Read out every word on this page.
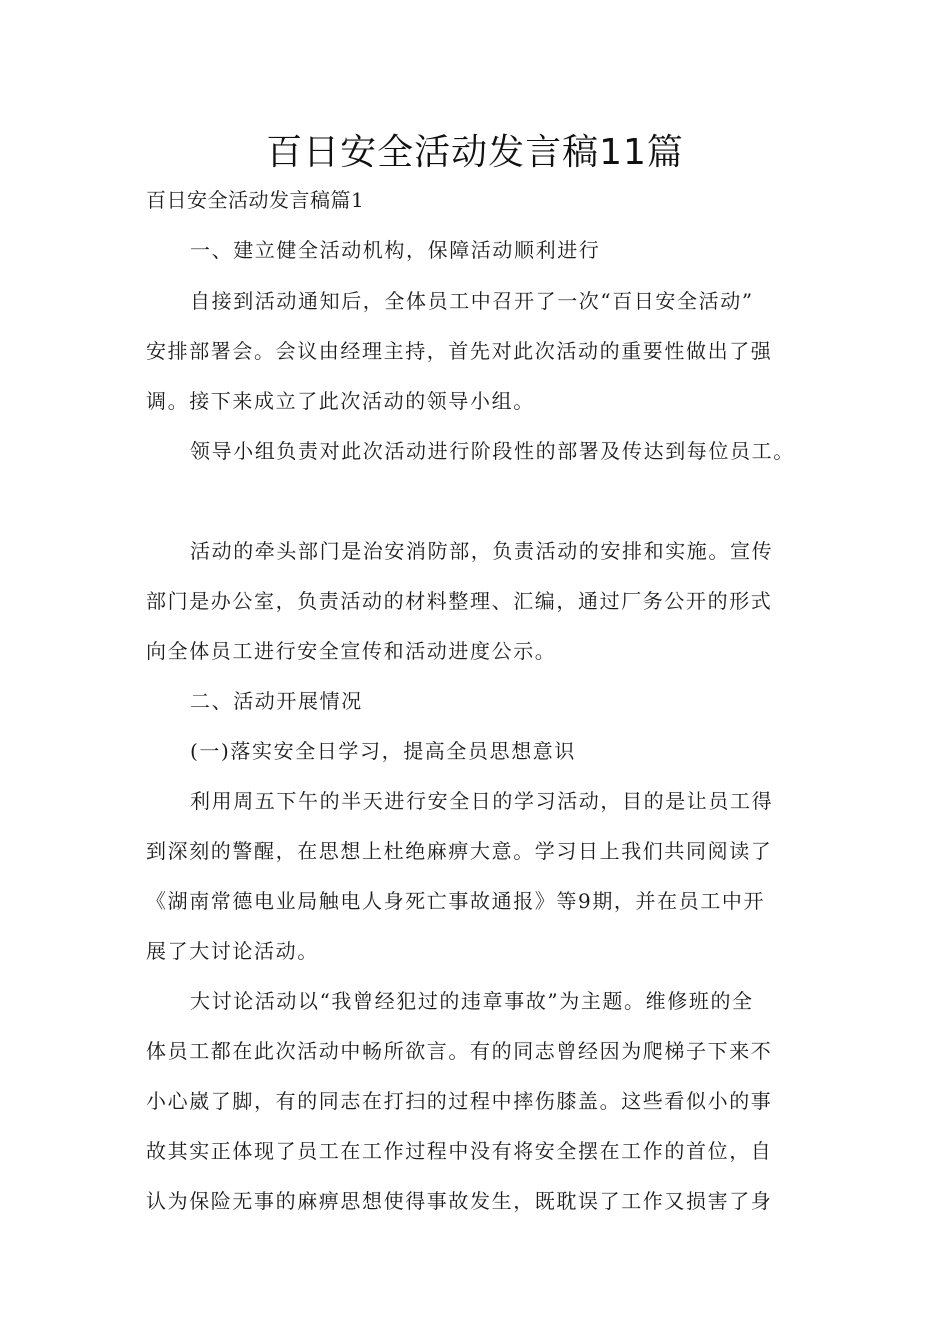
百日安全活动发言稿11篇
百日安全活动发言稿篇1
一、建立健全活动机构，保障活动顺利进行
自接到活动通知后，全体员工中召开了一次“百日安全活动”
安排部署会。会议由经理主持，首先对此次活动的重要性做出了强
调。接下来成立了此次活动的领导小组。
领导小组负责对此次活动进行阶段性的部署及传达到每位员工。
活动的牵头部门是治安消防部，负责活动的安排和实施。宣传
部门是办公室，负责活动的材料整理、汇编，通过厂务公开的形式
向全体员工进行安全宣传和活动进度公示。
二、活动开展情况
(一)落实安全日学习，提高全员思想意识
利用周五下午的半天进行安全日的学习活动，目的是让员工得
到深刻的警醒，在思想上杜绝麻痹大意。学习日上我们共同阅读了
《湖南常德电业局触电人身死亡事故通报》等9期，并在员工中开
展了大讨论活动。
大讨论活动以“我曾经犯过的违章事故”为主题。维修班的全
体员工都在此次活动中畅所欲言。有的同志曾经因为爬梯子下来不
小心崴了脚，有的同志在打扫的过程中摔伤膝盖。这些看似小的事
故其实正体现了员工在工作过程中没有将安全摆在工作的首位，自
认为保险无事的麻痹思想使得事故发生，既耽误了工作又损害了身
